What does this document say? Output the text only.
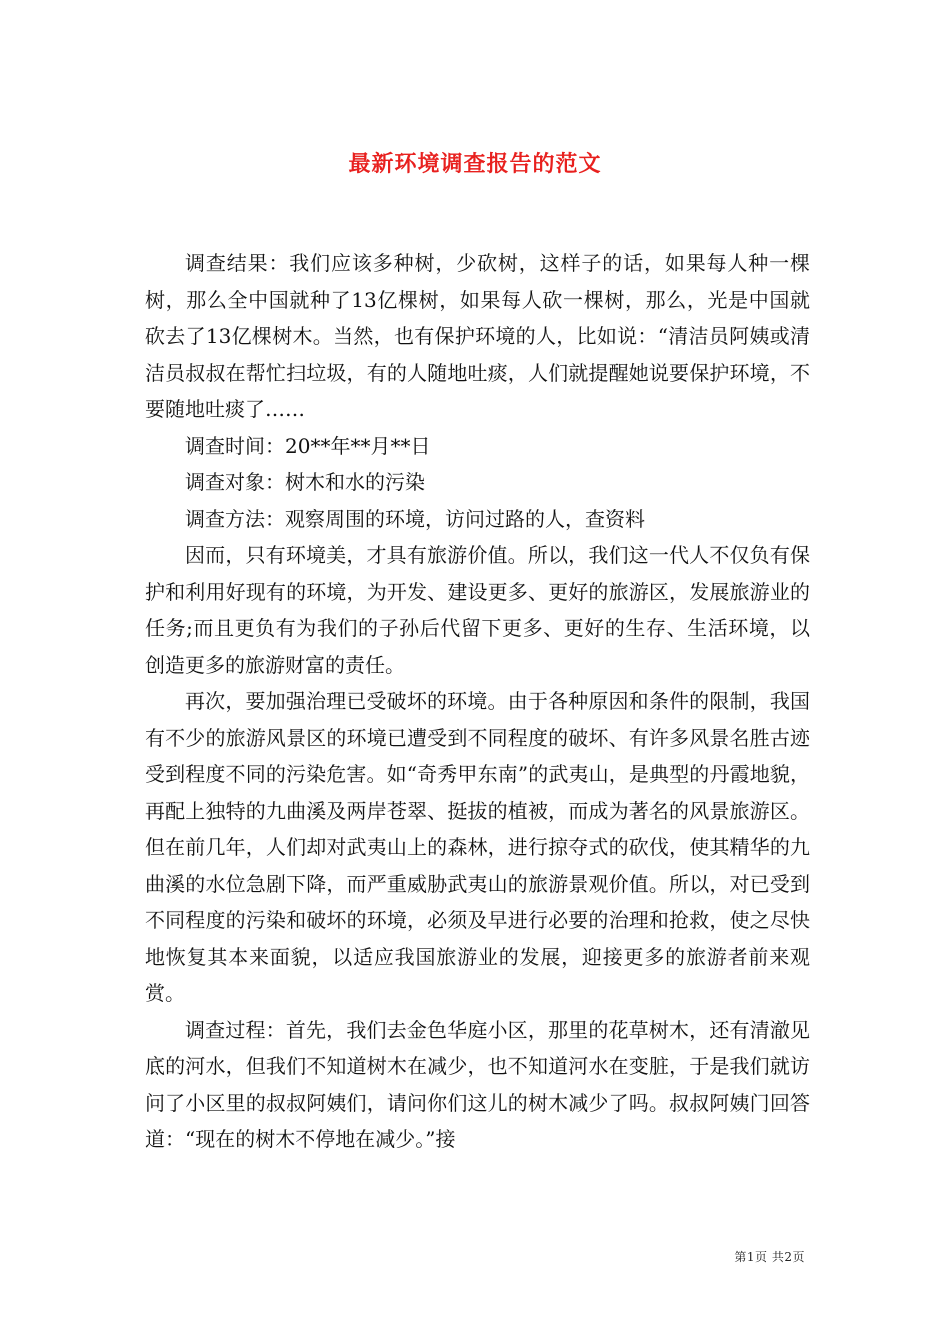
最新环境调查报告的范文

调查结果：我们应该多种树，少砍树，这样子的话，如果每人种一棵树，那么全中国就种了13亿棵树，如果每人砍一棵树，那么，光是中国就砍去了13亿棵树木。当然，也有保护环境的人，比如说：“清洁员阿姨或清洁员叔叔在帮忙扫垃圾，有的人随地吐痰，人们就提醒她说要保护环境，不要随地吐痰了……

调查时间：20**年**月**日

调查对象：树木和水的污染

调查方法：观察周围的环境，访问过路的人，查资料

因而，只有环境美，才具有旅游价值。所以，我们这一代人不仅负有保护和利用好现有的环境，为开发、建设更多、更好的旅游区，发展旅游业的任务;而且更负有为我们的子孙后代留下更多、更好的生存、生活环境，以创造更多的旅游财富的责任。

再次，要加强治理已受破坏的环境。由于各种原因和条件的限制，我国有不少的旅游风景区的环境已遭受到不同程度的破坏、有许多风景名胜古迹受到程度不同的污染危害。如“奇秀甲东南”的武夷山，是典型的丹霞地貌，再配上独特的九曲溪及两岸苍翠、挺拔的植被，而成为著名的风景旅游区。但在前几年，人们却对武夷山上的森林，进行掠夺式的砍伐，使其精华的九曲溪的水位急剧下降，而严重威胁武夷山的旅游景观价值。所以，对已受到不同程度的污染和破坏的环境，必须及早进行必要的治理和抢救，使之尽快地恢复其本来面貌，以适应我国旅游业的发展，迎接更多的旅游者前来观赏。

调查过程：首先，我们去金色华庭小区，那里的花草树木，还有清澈见底的河水，但我们不知道树木在减少，也不知道河水在变脏，于是我们就访问了小区里的叔叔阿姨们，请问你们这儿的树木减少了吗。叔叔阿姨门回答道：“现在的树木不停地在减少。”接

第1页 共2页
